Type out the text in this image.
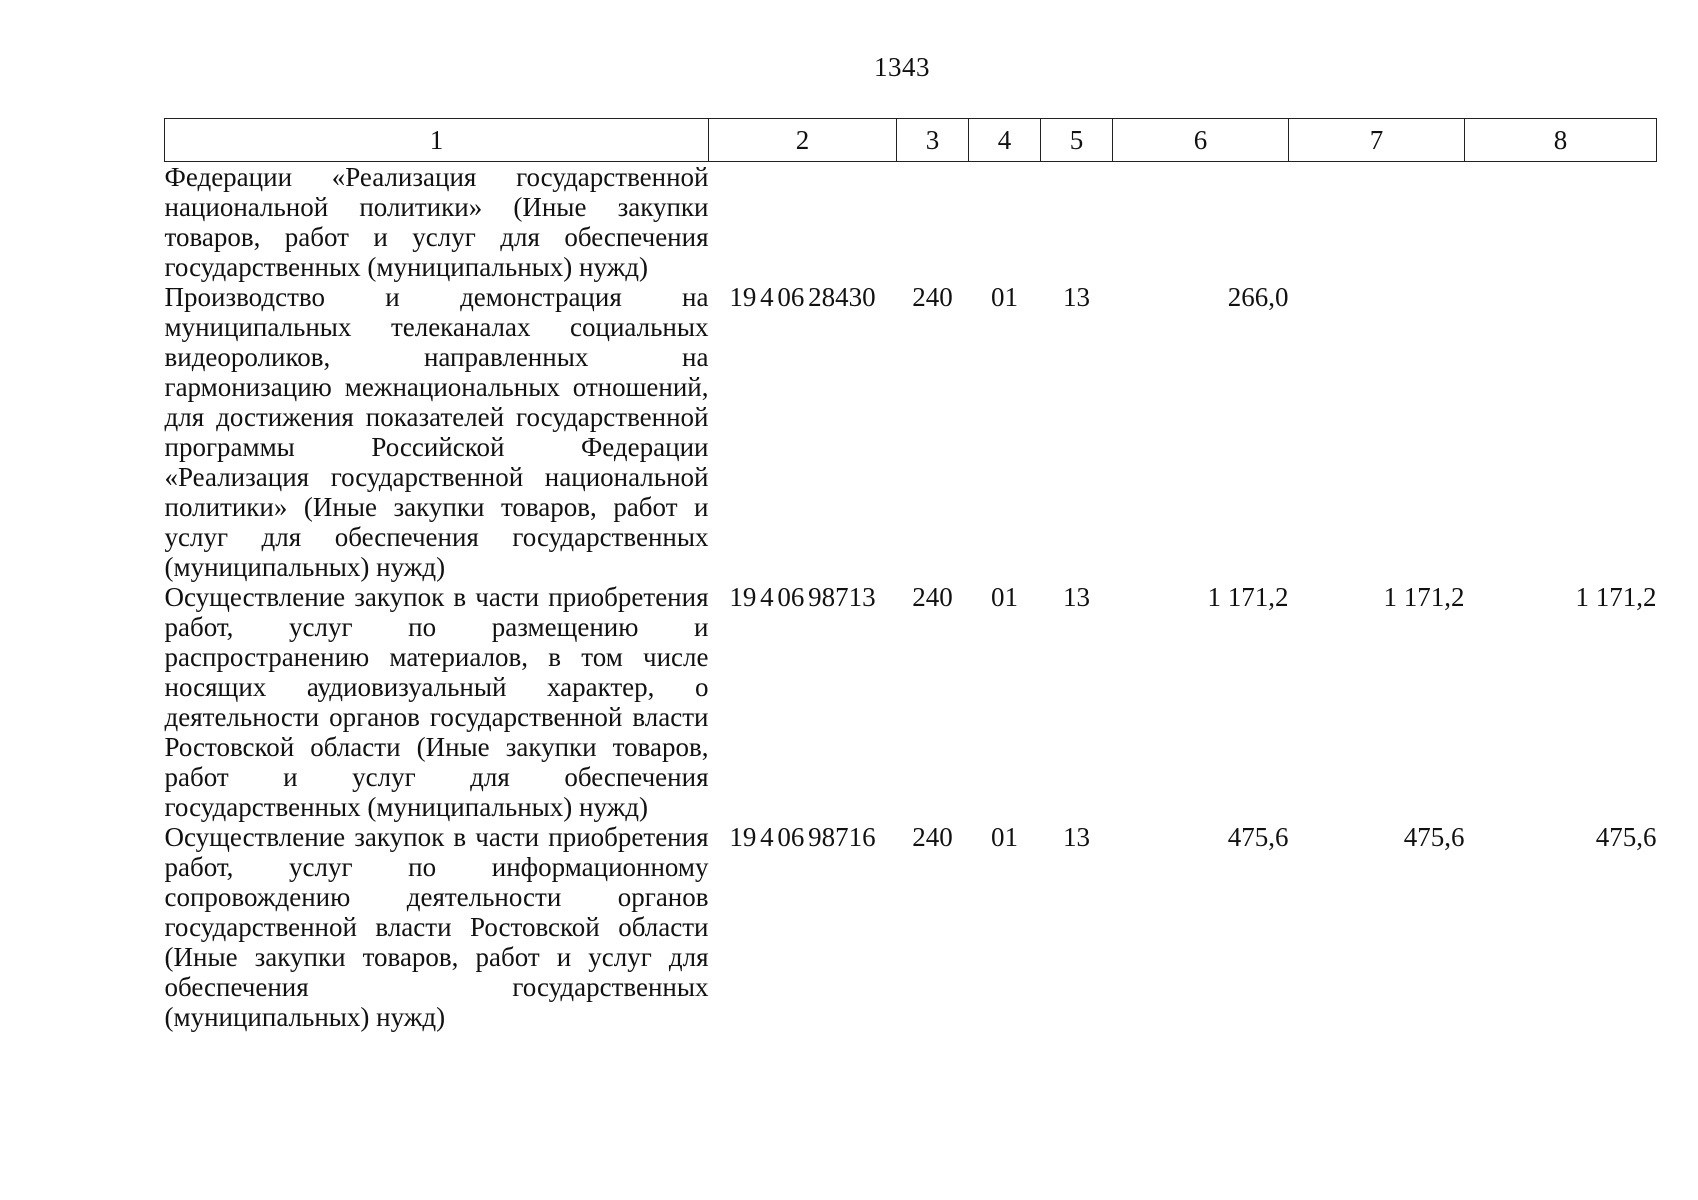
1343
1	2	3	4	5	6	7	8
Федерации «Реализация государственной национальной политики» (Иные закупки товаров, работ и услуг для обеспечения государственных (муниципальных) нужд)							
Производство и демонстрация на муниципальных телеканалах социальных видеороликов, направленных на гармонизацию межнациональных отношений, для достижения показателей государственной программы Российской Федерации «Реализация государственной национальной политики» (Иные закупки товаров, работ и услуг для обеспечения государственных (муниципальных) нужд)	19 4 06 28430	240	01	13	266,0		
Осуществление закупок в части приобретения работ, услуг по размещению и распространению материалов, в том числе носящих аудиовизуальный характер, о деятельности органов государственной власти Ростовской области (Иные закупки товаров, работ и услуг для обеспечения государственных (муниципальных) нужд)	19 4 06 98713	240	01	13	1 171,2	1 171,2	1 171,2
Осуществление закупок в части приобретения работ, услуг по информационному сопровождению деятельности органов государственной власти Ростовской области (Иные закупки товаров, работ и услуг для обеспечения государственных (муниципальных) нужд)	19 4 06 98716	240	01	13	475,6	475,6	475,6
